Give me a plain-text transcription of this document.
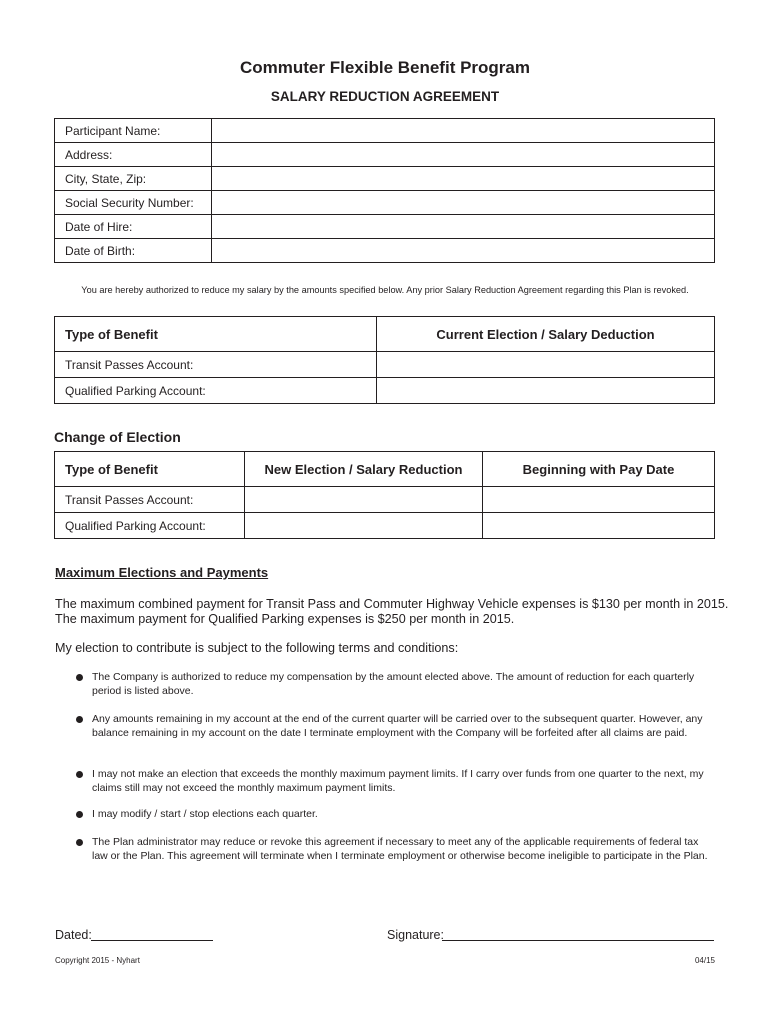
Commuter Flexible Benefit Program
SALARY REDUCTION AGREEMENT
Participant Name:	
Address:	
City, State, Zip:	
Social Security Number:	
Date of Hire:	
Date of Birth:	
You are hereby authorized to reduce my salary by the amounts specified below. Any prior Salary Reduction Agreement regarding this Plan is revoked.
Type of Benefit	Current Election / Salary Deduction
Transit Passes Account:	
Qualified Parking Account:	
Change of Election
Type of Benefit	New Election / Salary Reduction	Beginning with Pay Date
Transit Passes Account:		
Qualified Parking Account:		
Maximum Elections and Payments
The maximum combined payment for Transit Pass and Commuter Highway Vehicle expenses is $130 per month in 2015.
The maximum payment for Qualified Parking expenses is $250 per month in 2015.
My election to contribute is subject to the following terms and conditions:
The Company is authorized to reduce my compensation by the amount elected above. The amount of reduction for each quarterly period is listed above.
Any amounts remaining in my account at the end of the current quarter will be carried over to the subsequent quarter. However, any balance remaining in my account on the date I terminate employment with the Company will be forfeited after all claims are paid.
I may not make an election that exceeds the monthly maximum payment limits. If I carry over funds from one quarter to the next, my claims still may not exceed the monthly maximum payment limits.
I may modify / start / stop elections each quarter.
The Plan administrator may reduce or revoke this agreement if necessary to meet any of the applicable requirements of federal tax law or the Plan. This agreement will terminate when I terminate employment or otherwise become ineligible to participate in the Plan.
Dated:	Signature:
Copyright 2015 - Nyhart	04/15
